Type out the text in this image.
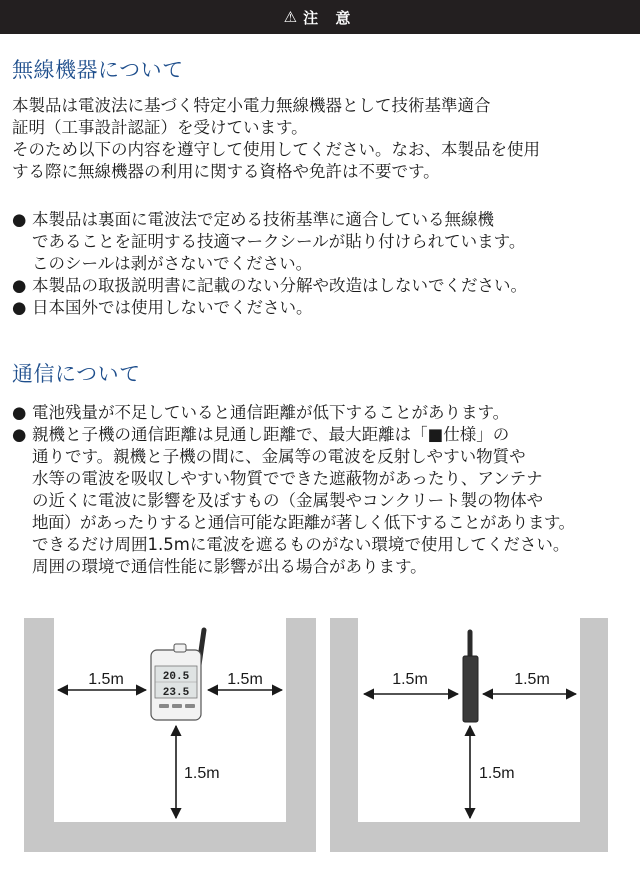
⚠ 注 意
無線機器について
本製品は電波法に基づく特定小電力無線機器として技術基準適合
証明（工事設計認証）を受けています。
そのため以下の内容を遵守して使用してください。なお、本製品を使用
する際に無線機器の利用に関する資格や免許は不要です。
● 本製品は裏面に電波法で定める技術基準に適合している無線機
であることを証明する技適マークシールが貼り付けられています。
このシールは剥がさないでください。
● 本製品の取扱説明書に記載のない分解や改造はしないでください。
● 日本国外では使用しないでください。
通信について
● 電池残量が不足していると通信距離が低下することがあります。
● 親機と子機の通信距離は見通し距離で、最大距離は「■仕様」の
通りです。親機と子機の間に、金属等の電波を反射しやすい物質や
水等の電波を吸収しやすい物質でできた遮蔽物があったり、アンテナ
の近くに電波に影響を及ぼすもの（金属製やコンクリート製の物体や
地面）があったりすると通信可能な距離が著しく低下することがあります。
できるだけ周囲1.5mに電波を遮るものがない環境で使用してください。
周囲の環境で通信性能に影響が出る場合があります。
20.5
23.5
1.5m	1.5m
1.5m
1.5m	1.5m
1.5m
